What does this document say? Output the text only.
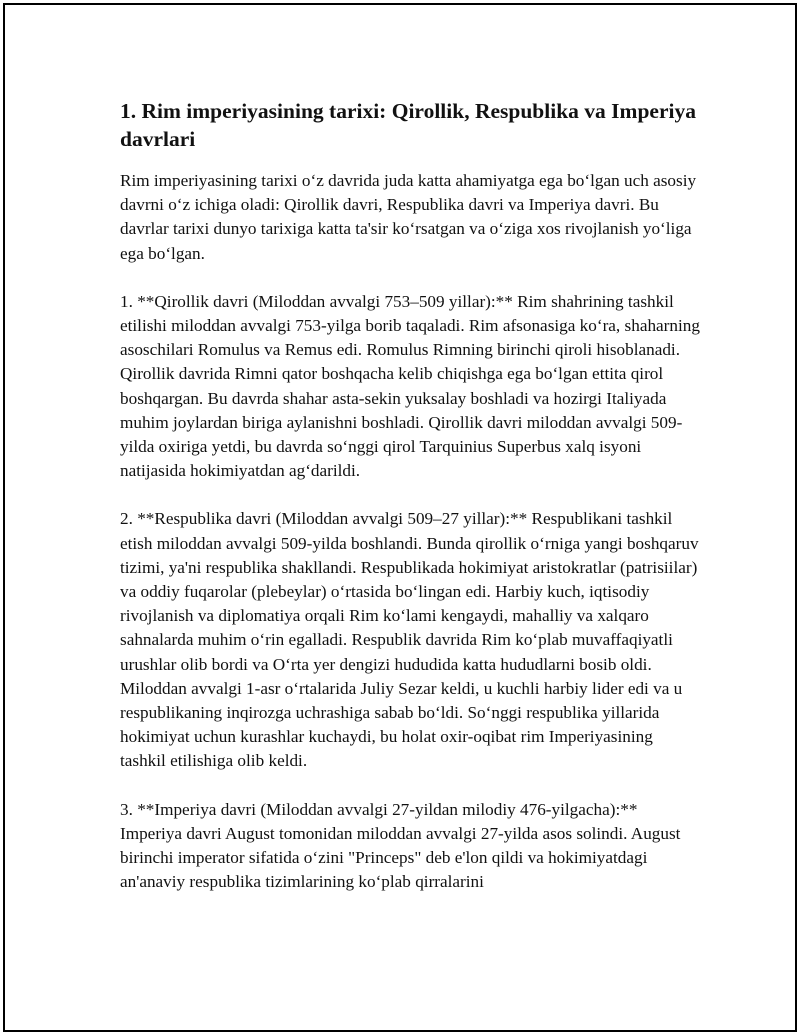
1. Rim imperiyasining tarixi: Qirollik, Respublika va Imperiya davrlari

Rim imperiyasining tarixi o‘z davrida juda katta ahamiyatga ega bo‘lgan uch asosiy davrni o‘z ichiga oladi: Qirollik davri, Respublika davri va Imperiya davri. Bu davrlar tarixi dunyo tarixiga katta ta'sir ko‘rsatgan va o‘ziga xos rivojlanish yo‘liga ega bo‘lgan.

1. **Qirollik davri (Miloddan avvalgi 753–509 yillar):** Rim shahrining tashkil etilishi miloddan avvalgi 753-yilga borib taqaladi. Rim afsonasiga ko‘ra, shaharning asoschilari Romulus va Remus edi. Romulus Rimning birinchi qiroli hisoblanadi. Qirollik davrida Rimni qator boshqacha kelib chiqishga ega bo‘lgan ettita qirol boshqargan. Bu davrda shahar asta-sekin yuksalay boshladi va hozirgi Italiyada muhim joylardan biriga aylanishni boshladi. Qirollik davri miloddan avvalgi 509-yilda oxiriga yetdi, bu davrda so‘nggi qirol Tarquinius Superbus xalq isyoni natijasida hokimiyatdan ag‘darildi.

2. **Respublika davri (Miloddan avvalgi 509–27 yillar):** Respublikani tashkil etish miloddan avvalgi 509-yilda boshlandi. Bunda qirollik o‘rniga yangi boshqaruv tizimi, ya'ni respublika shakllandi. Respublikada hokimiyat aristokratlar (patrisiilar) va oddiy fuqarolar (plebeylar) o‘rtasida bo‘lingan edi. Harbiy kuch, iqtisodiy rivojlanish va diplomatiya orqali Rim ko‘lami kengaydi, mahalliy va xalqaro sahnalarda muhim o‘rin egalladi. Respublik davrida Rim ko‘plab muvaffaqiyatli urushlar olib bordi va O‘rta yer dengizi hududida katta hududlarni bosib oldi. Miloddan avvalgi 1-asr o‘rtalarida Juliy Sezar keldi, u kuchli harbiy lider edi va u respublikaning inqirozga uchrashiga sabab bo‘ldi. So‘nggi respublika yillarida hokimiyat uchun kurashlar kuchaydi, bu holat oxir-oqibat rim Imperiyasining tashkil etilishiga olib keldi.

3. **Imperiya davri (Miloddan avvalgi 27-yildan milodiy 476-yilgacha):** Imperiya davri August tomonidan miloddan avvalgi 27-yilda asos solindi. August birinchi imperator sifatida o‘zini "Princeps" deb e'lon qildi va hokimiyatdagi an'anaviy respublika tizimlarining ko‘plab qirralarini
